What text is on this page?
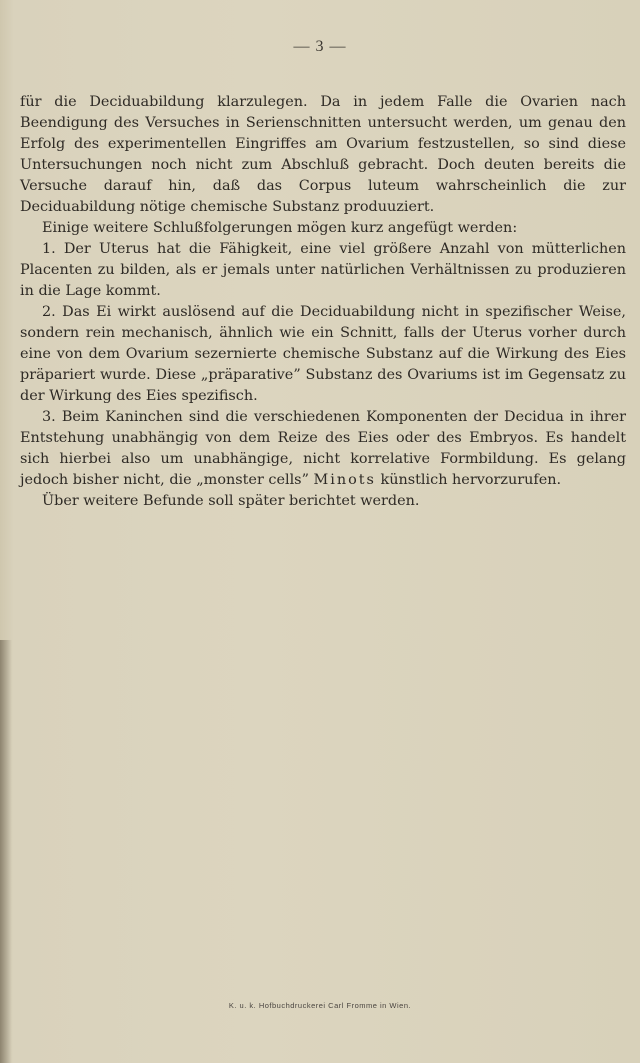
— 3 —

für die Deciduabildung klarzulegen. Da in jedem Falle die Ovarien nach Beendigung des Versuches in Serienschnitten untersucht werden, um genau den Erfolg des experimentellen Eingriffes am Ovarium festzustellen, so sind diese Untersuchungen noch nicht zum Abschluß gebracht. Doch deuten bereits die Versuche darauf hin, daß das Corpus luteum wahrscheinlich die zur Deciduabildung nötige chemische Substanz produuziert.

Einige weitere Schlußfolgerungen mögen kurz angefügt werden:

1. Der Uterus hat die Fähigkeit, eine viel größere Anzahl von mütterlichen Placenten zu bilden, als er jemals unter natürlichen Verhältnissen zu produzieren in die Lage kommt.

2. Das Ei wirkt auslösend auf die Deciduabildung nicht in spezifischer Weise, sondern rein mechanisch, ähnlich wie ein Schnitt, falls der Uterus vorher durch eine von dem Ovarium sezernierte chemische Substanz auf die Wirkung des Eies präpariert wurde. Diese „präparative” Substanz des Ovariums ist im Gegensatz zu der Wirkung des Eies spezifisch.

3. Beim Kaninchen sind die verschiedenen Komponenten der Decidua in ihrer Entstehung unabhängig von dem Reize des Eies oder des Embryos. Es handelt sich hierbei also um unabhängige, nicht korrelative Formbildung. Es gelang jedoch bisher nicht, die „monster cells” Minots künstlich hervorzurufen.

Über weitere Befunde soll später berichtet werden.

K. u. k. Hofbuchdruckerei Carl Fromme in Wien.
